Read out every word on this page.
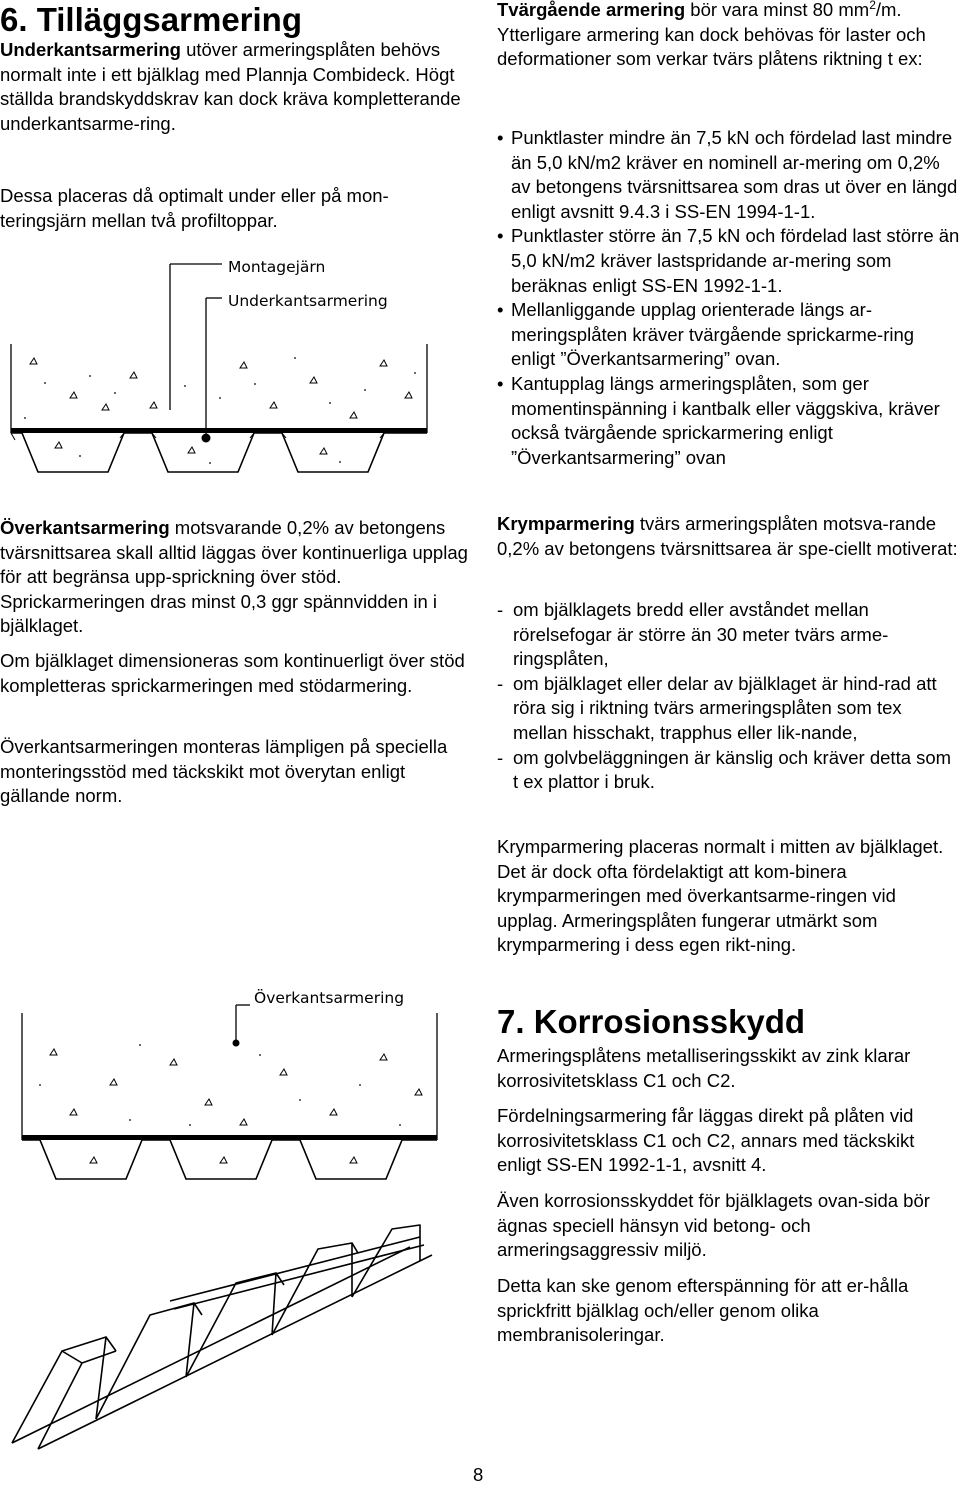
6. Tilläggsarmering

Underkantsarmering utöver armeringsplåten behövs normalt inte i ett bjälklag med Plannja Combideck. Högt ställda brandskyddskrav kan dock kräva kompletterande underkantsarme-ring.

Dessa placeras då optimalt under eller på mon-teringsjärn mellan två profiltoppar.

Montagejärn
Underkantsarmering

Överkantsarmering motsvarande 0,2% av betongens tvärsnittsarea skall alltid läggas över kontinuerliga upplag för att begränsa upp-sprickning över stöd. Sprickarmeringen dras minst 0,3 ggr spännvidden in i bjälklaget.

Om bjälklaget dimensioneras som kontinuerligt över stöd kompletteras sprickarmeringen med stödarmering.

Överkantsarmeringen monteras lämpligen på speciella monteringsstöd med täckskikt mot överytan enligt gällande norm.

Överkantsarmering

Tvärgående armering bör vara minst 80 $mm^2/m$. Ytterligare armering kan dock behövas för laster och deformationer som verkar tvärs plåtens riktning t ex:

• Punktlaster mindre än 7,5 kN och fördelad last mindre än 5,0 kN/m2 kräver en nominell ar-mering om 0,2% av betongens tvärsnittsarea som dras ut över en längd enligt avsnitt 9.4.3 i SS-EN 1994-1-1.
• Punktlaster större än 7,5 kN och fördelad last större än 5,0 kN/m2 kräver lastspridande ar-mering som beräknas enligt SS-EN 1992-1-1.
• Mellanliggande upplag orienterade längs ar-meringsplåten kräver tvärgående sprickarme-ring enligt ”Överkantsarmering” ovan.
• Kantupplag längs armeringsplåten, som ger momentinspänning i kantbalk eller väggskiva, kräver också tvärgående sprickarmering enligt ”Överkantsarmering” ovan

Krymparmering tvärs armeringsplåten motsva-rande 0,2% av betongens tvärsnittsarea är spe-ciellt motiverat:

- om bjälklagets bredd eller avståndet mellan rörelsefogar är större än 30 meter tvärs arme-ringsplåten,
- om bjälklaget eller delar av bjälklaget är hind-rad att röra sig i riktning tvärs armeringsplåten som tex mellan hisschakt, trapphus eller lik-nande,
- om golvbeläggningen är känslig och kräver detta som t ex plattor i bruk.

Krymparmering placeras normalt i mitten av bjälklaget. Det är dock ofta fördelaktigt att kom-binera krymparmeringen med överkantsarme-ringen vid upplag. Armeringsplåten fungerar utmärkt som krymparmering i dess egen rikt-ning.

7. Korrosionsskydd

Armeringsplåtens metalliseringsskikt av zink klarar korrosivitetsklass C1 och C2.

Fördelningsarmering får läggas direkt på plåten vid korrosivitetsklass C1 och C2, annars med täckskikt enligt SS-EN 1992-1-1, avsnitt 4.

Även korrosionsskyddet för bjälklagets ovan-sida bör ägnas speciell hänsyn vid betong- och armeringsaggressiv miljö.

Detta kan ske genom efterspänning för att er-hålla sprickfritt bjälklag och/eller genom olika membranisoleringar.

8
